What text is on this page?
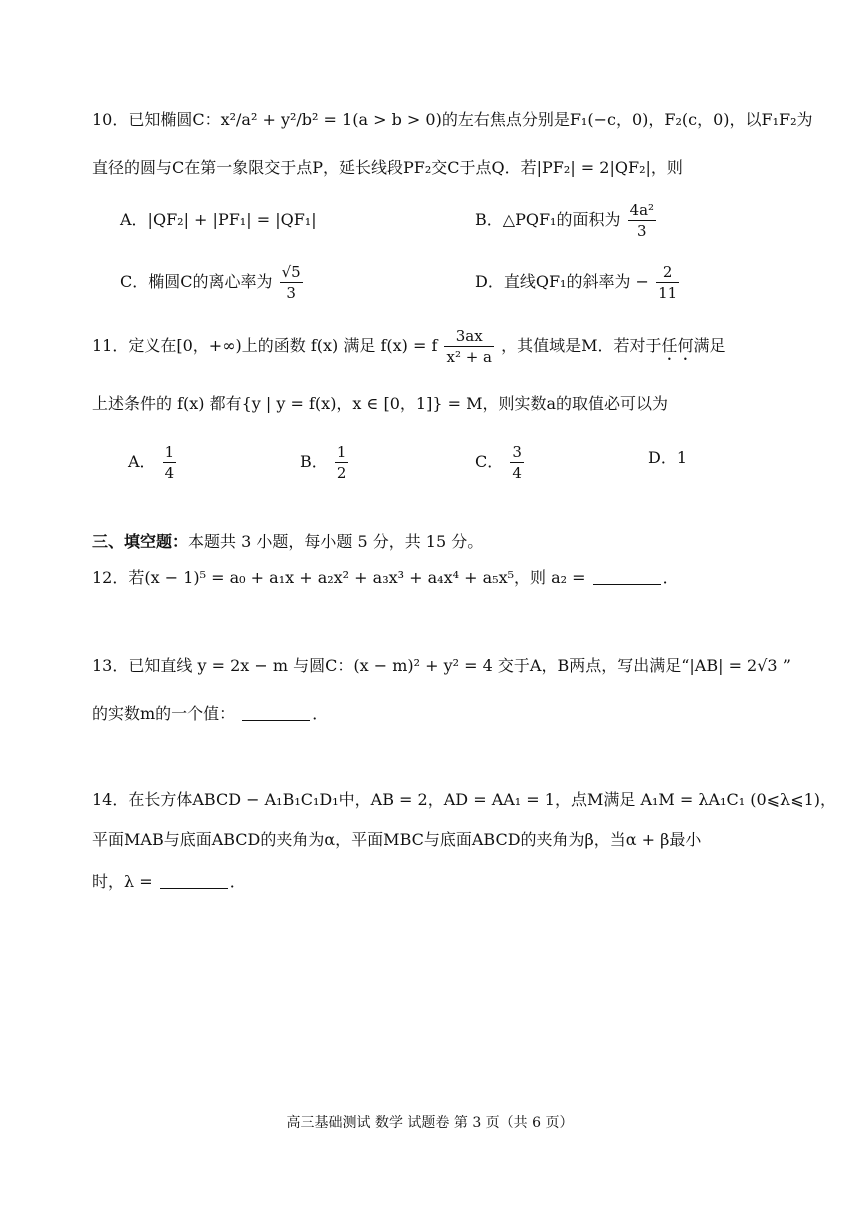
10．已知椭圆C：x²/a² + y²/b² = 1(a > b > 0)的左右焦点分别是F₁(−c，0)，F₂(c，0)，以F₁F₂为
直径的圆与C在第一象限交于点P，延长线段PF₂交C于点Q．若|PF₂| = 2|QF₂|，则
A．|QF₂| + |PF₁| = |QF₁|	B．△PQF₁的面积为 $\frac{\text{4a²}}{3}$
C．椭圆C的离心率为 $\frac{√5}{3}$	D．直线QF₁的斜率为 − $\frac{2}{11}$
11．定义在[0，+∞)上的函数 f(x) 满足 f(x) = f $\frac{3ax}{\text{x² + a}}$ ，其值域是M．若对于任何满足
上述条件的 f(x) 都有{y | y = f(x)，x ∈ [0，1]} = M，则实数a的取值必可以为
A． $\frac{1}{4}$	B． $\frac{1}{2}$	C． $\frac{3}{4}$	D．1
三、填空题：本题共 3 小题，每小题 5 分，共 15 分。
12．若(x − 1)⁵ = a₀ + a₁x + a₂x² + a₃x³ + a₄x⁴ + a₅x⁵，则 a₂ =	．
13．已知直线 y = 2x − m 与圆C：(x − m)² + y² = 4 交于A，B两点，写出满足“|AB| = 2√3 ”
的实数m的一个值：	．
14．在长方体ABCD − A₁B₁C₁D₁中，AB = 2，AD = AA₁ = 1，点M满足 A₁M = λA₁C₁ (0⩽λ⩽1)，
平面MAB与底面ABCD的夹角为α，平面MBC与底面ABCD的夹角为β，当α + β最小
时，λ =	．
高三基础测试 数学 试题卷 第 3 页（共 6 页）
